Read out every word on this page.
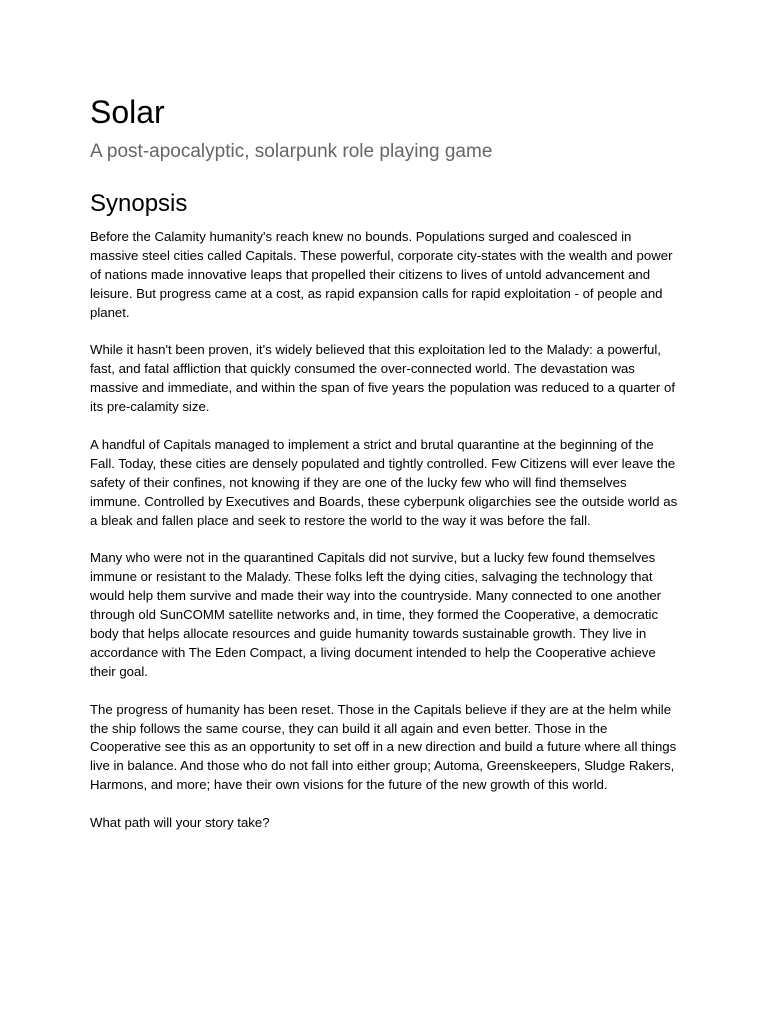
Solar
A post-apocalyptic, solarpunk role playing game
Synopsis

Before the Calamity humanity's reach knew no bounds. Populations surged and coalesced in massive steel cities called Capitals. These powerful, corporate city-states with the wealth and power of nations made innovative leaps that propelled their citizens to lives of untold advancement and leisure. But progress came at a cost, as rapid expansion calls for rapid exploitation - of people and planet.

While it hasn't been proven, it's widely believed that this exploitation led to the Malady: a powerful, fast, and fatal affliction that quickly consumed the over-connected world. The devastation was massive and immediate, and within the span of five years the population was reduced to a quarter of its pre-calamity size.

A handful of Capitals managed to implement a strict and brutal quarantine at the beginning of the Fall. Today, these cities are densely populated and tightly controlled. Few Citizens will ever leave the safety of their confines, not knowing if they are one of the lucky few who will find themselves immune. Controlled by Executives and Boards, these cyberpunk oligarchies see the outside world as a bleak and fallen place and seek to restore the world to the way it was before the fall.

Many who were not in the quarantined Capitals did not survive, but a lucky few found themselves immune or resistant to the Malady. These folks left the dying cities, salvaging the technology that would help them survive and made their way into the countryside. Many connected to one another through old SunCOMM satellite networks and, in time, they formed the Cooperative, a democratic body that helps allocate resources and guide humanity towards sustainable growth. They live in accordance with The Eden Compact, a living document intended to help the Cooperative achieve their goal.

The progress of humanity has been reset. Those in the Capitals believe if they are at the helm while the ship follows the same course, they can build it all again and even better. Those in the Cooperative see this as an opportunity to set off in a new direction and build a future where all things live in balance. And those who do not fall into either group; Automa, Greenskeepers, Sludge Rakers, Harmons, and more; have their own visions for the future of the new growth of this world.

What path will your story take?
